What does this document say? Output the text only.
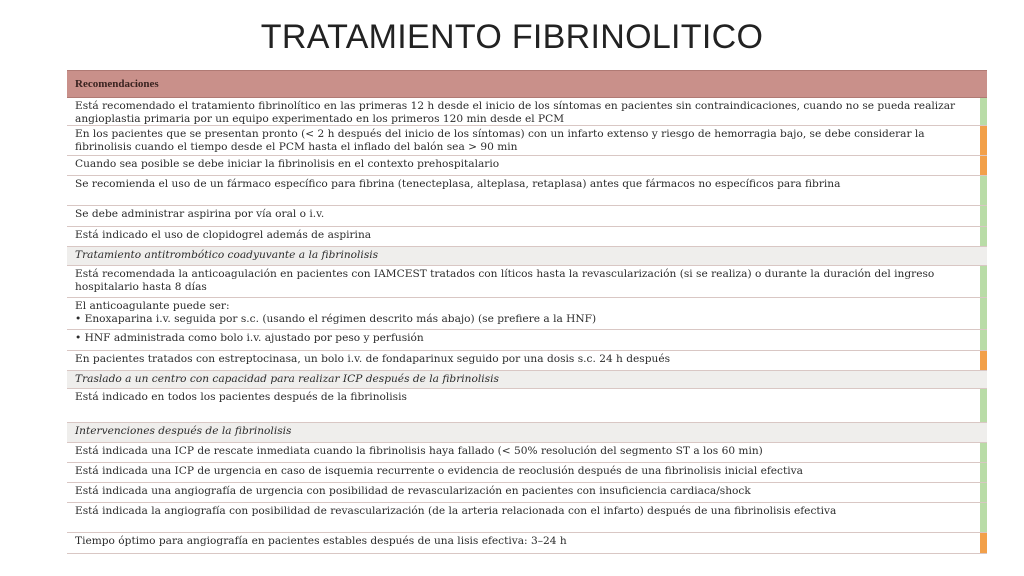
TRATAMIENTO FIBRINOLITICO
Recomendaciones
Está recomendado el tratamiento fibrinolítico en las primeras 12 h desde el inicio de los síntomas en pacientes sin contraindicaciones, cuando no se pueda realizar angioplastia primaria por un equipo experimentado en los primeros 120 min desde el PCM
En los pacientes que se presentan pronto (< 2 h después del inicio de los síntomas) con un infarto extenso y riesgo de hemorragia bajo, se debe considerar la fibrinolisis cuando el tiempo desde el PCM hasta el inflado del balón sea > 90 min
Cuando sea posible se debe iniciar la fibrinolisis en el contexto prehospitalario
Se recomienda el uso de un fármaco específico para fibrina (tenecteplasa, alteplasa, retaplasa) antes que fármacos no específicos para fibrina
Se debe administrar aspirina por vía oral o i.v.
Está indicado el uso de clopidogrel además de aspirina
Tratamiento antitrombótico coadyuvante a la fibrinolisis
Está recomendada la anticoagulación en pacientes con IAMCEST tratados con líticos hasta la revascularización (si se realiza) o durante la duración del ingreso hospitalario hasta 8 días
El anticoagulante puede ser:
• Enoxaparina i.v. seguida por s.c. (usando el régimen descrito más abajo) (se prefiere a la HNF)
• HNF administrada como bolo i.v. ajustado por peso y perfusión
En pacientes tratados con estreptocinasa, un bolo i.v. de fondaparinux seguido por una dosis s.c. 24 h después
Traslado a un centro con capacidad para realizar ICP después de la fibrinolisis
Está indicado en todos los pacientes después de la fibrinolisis
Intervenciones después de la fibrinolisis
Está indicada una ICP de rescate inmediata cuando la fibrinolisis haya fallado (< 50% resolución del segmento ST a los 60 min)
Está indicada una ICP de urgencia en caso de isquemia recurrente o evidencia de reoclusión después de una fibrinolisis inicial efectiva
Está indicada una angiografía de urgencia con posibilidad de revascularización en pacientes con insuficiencia cardiaca/shock
Está indicada la angiografía con posibilidad de revascularización (de la arteria relacionada con el infarto) después de una fibrinolisis efectiva
Tiempo óptimo para angiografía en pacientes estables después de una lisis efectiva: 3–24 h
